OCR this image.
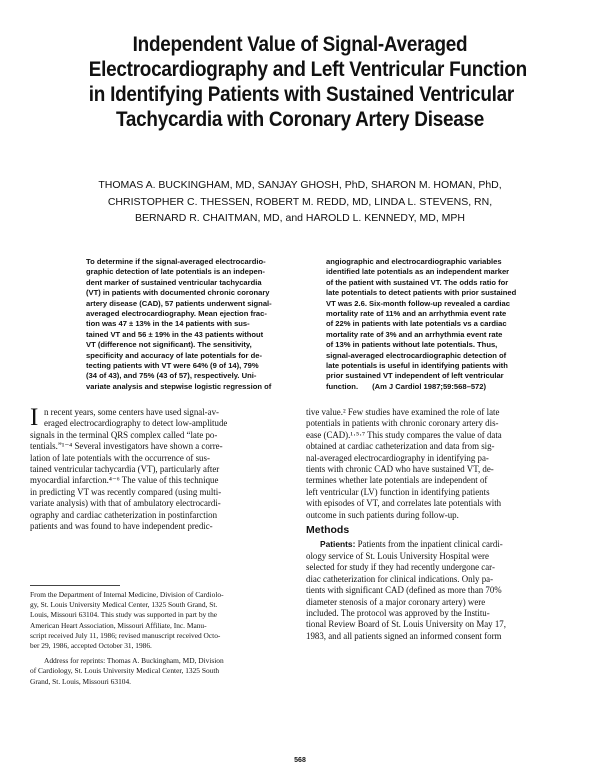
Independent Value of Signal-Averaged
Electrocardiography and Left Ventricular Function
in Identifying Patients with Sustained Ventricular
Tachycardia with Coronary Artery Disease
THOMAS A. BUCKINGHAM, MD, SANJAY GHOSH, PhD, SHARON M. HOMAN, PhD,
CHRISTOPHER C. THESSEN, ROBERT M. REDD, MD, LINDA L. STEVENS, RN,
BERNARD R. CHAITMAN, MD, and HAROLD L. KENNEDY, MD, MPH
To determine if the signal-averaged electrocardio-
graphic detection of late potentials is an indepen-
dent marker of sustained ventricular tachycardia
(VT) in patients with documented chronic coronary
artery disease (CAD), 57 patients underwent signal-
averaged electrocardiography. Mean ejection frac-
tion was 47 ± 13% in the 14 patients with sus-
tained VT and 56 ± 19% in the 43 patients without
VT (difference not significant). The sensitivity,
specificity and accuracy of late potentials for de-
tecting patients with VT were 64% (9 of 14), 79%
(34 of 43), and 75% (43 of 57), respectively. Uni-
variate analysis and stepwise logistic regression of
angiographic and electrocardiographic variables
identified late potentials as an independent marker
of the patient with sustained VT. The odds ratio for
late potentials to detect patients with prior sustained
VT was 2.6. Six-month follow-up revealed a cardiac
mortality rate of 11% and an arrhythmia event rate
of 22% in patients with late potentials vs a cardiac
mortality rate of 3% and an arrhythmia event rate
of 13% in patients without late potentials. Thus,
signal-averaged electrocardiographic detection of
late potentials is useful in identifying patients with
prior sustained VT independent of left ventricular
function. (Am J Cardiol 1987;59:568–572)
I n recent years, some centers have used signal-av-
eraged electrocardiography to detect low-amplitude
signals in the terminal QRS complex called “late po-
tentials.”¹⁻⁴ Several investigators have shown a corre-
lation of late potentials with the occurrence of sus-
tained ventricular tachycardia (VT), particularly after
myocardial infarction.⁴⁻⁶ The value of this technique
in predicting VT was recently compared (using multi-
variate analysis) with that of ambulatory electrocardi-
ography and cardiac catheterization in postinfarction
patients and was found to have independent predic-
tive value.² Few studies have examined the role of late
potentials in patients with chronic coronary artery dis-
ease (CAD).¹·⁵·⁷ This study compares the value of data
obtained at cardiac catheterization and data from sig-
nal-averaged electrocardiography in identifying pa-
tients with chronic CAD who have sustained VT, de-
termines whether late potentials are independent of
left ventricular (LV) function in identifying patients
with episodes of VT, and correlates late potentials with
outcome in such patients during follow-up.
Methods
Patients: Patients from the inpatient clinical cardi-
ology service of St. Louis University Hospital were
selected for study if they had recently undergone car-
diac catheterization for clinical indications. Only pa-
tients with significant CAD (defined as more than 70%
diameter stenosis of a major coronary artery) were
included. The protocol was approved by the Institu-
tional Review Board of St. Louis University on May 17,
1983, and all patients signed an informed consent form
From the Department of Internal Medicine, Division of Cardiolo-
gy, St. Louis University Medical Center, 1325 South Grand, St.
Louis, Missouri 63104. This study was supported in part by the
American Heart Association, Missouri Affiliate, Inc. Manu-
script received July 11, 1986; revised manuscript received Octo-
ber 29, 1986, accepted October 31, 1986.
Address for reprints: Thomas A. Buckingham, MD, Division
of Cardiology, St. Louis University Medical Center, 1325 South
Grand, St. Louis, Missouri 63104.
568
